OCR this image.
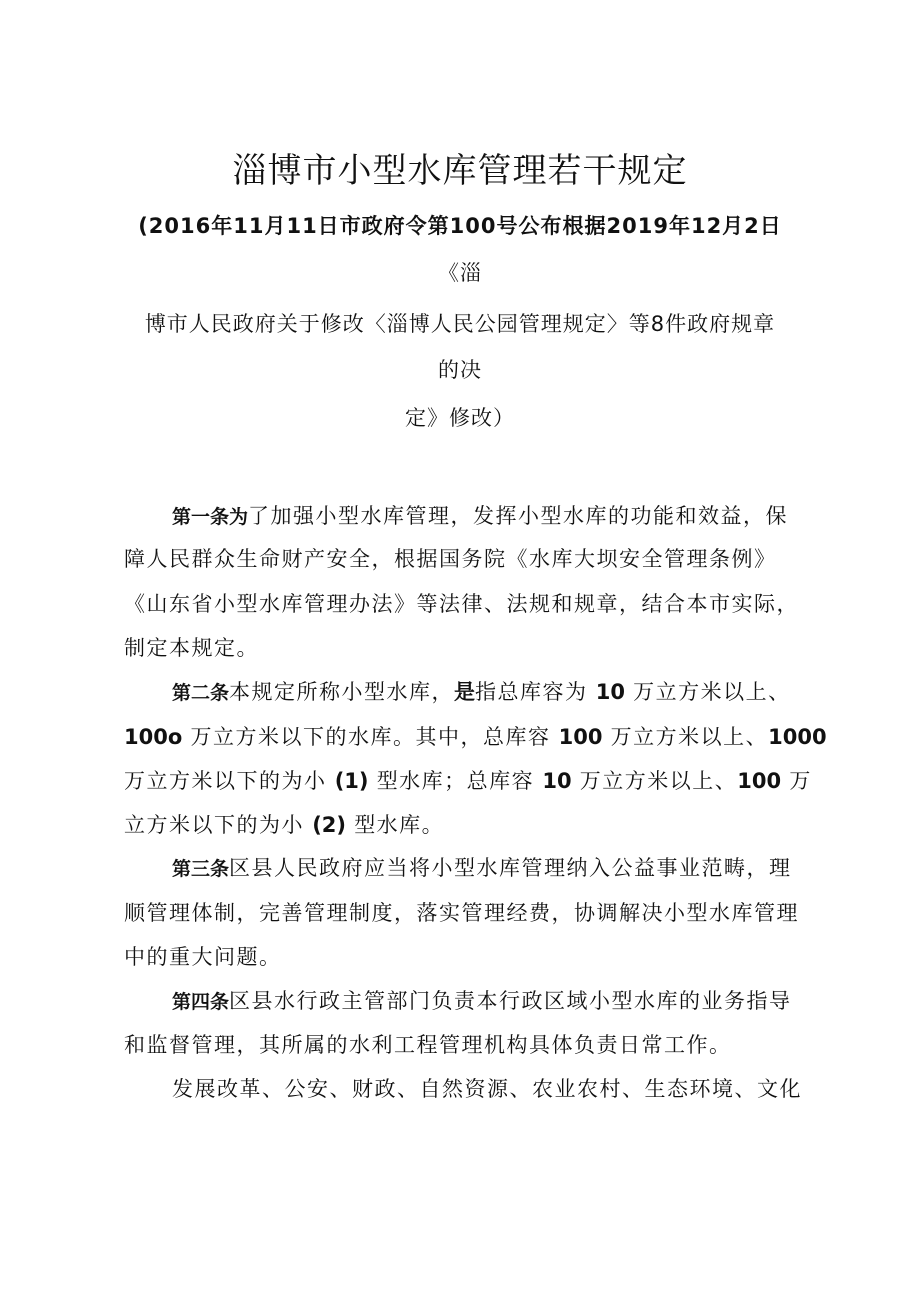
淄博市小型水库管理若干规定
(2016年11月11日市政府令第100号公布根据2019年12月2日
《淄
博市人民政府关于修改〈淄博人民公园管理规定〉等8件政府规章
的决
定》修改）
第一条为了加强小型水库管理，发挥小型水库的功能和效益，保
障人民群众生命财产安全，根据国务院《水库大坝安全管理条例》
《山东省小型水库管理办法》等法律、法规和规章，结合本市实际，
制定本规定。
第二条本规定所称小型水库，是指总库容为 10 万立方米以上、
100o 万立方米以下的水库。其中，总库容 100 万立方米以上、1000
万立方米以下的为小 (1) 型水库；总库容 10 万立方米以上、100 万
立方米以下的为小 (2) 型水库。
第三条区县人民政府应当将小型水库管理纳入公益事业范畴，理
顺管理体制，完善管理制度，落实管理经费，协调解决小型水库管理
中的重大问题。
第四条区县水行政主管部门负责本行政区域小型水库的业务指导
和监督管理，其所属的水利工程管理机构具体负责日常工作。
发展改革、公安、财政、自然资源、农业农村、生态环境、文化
